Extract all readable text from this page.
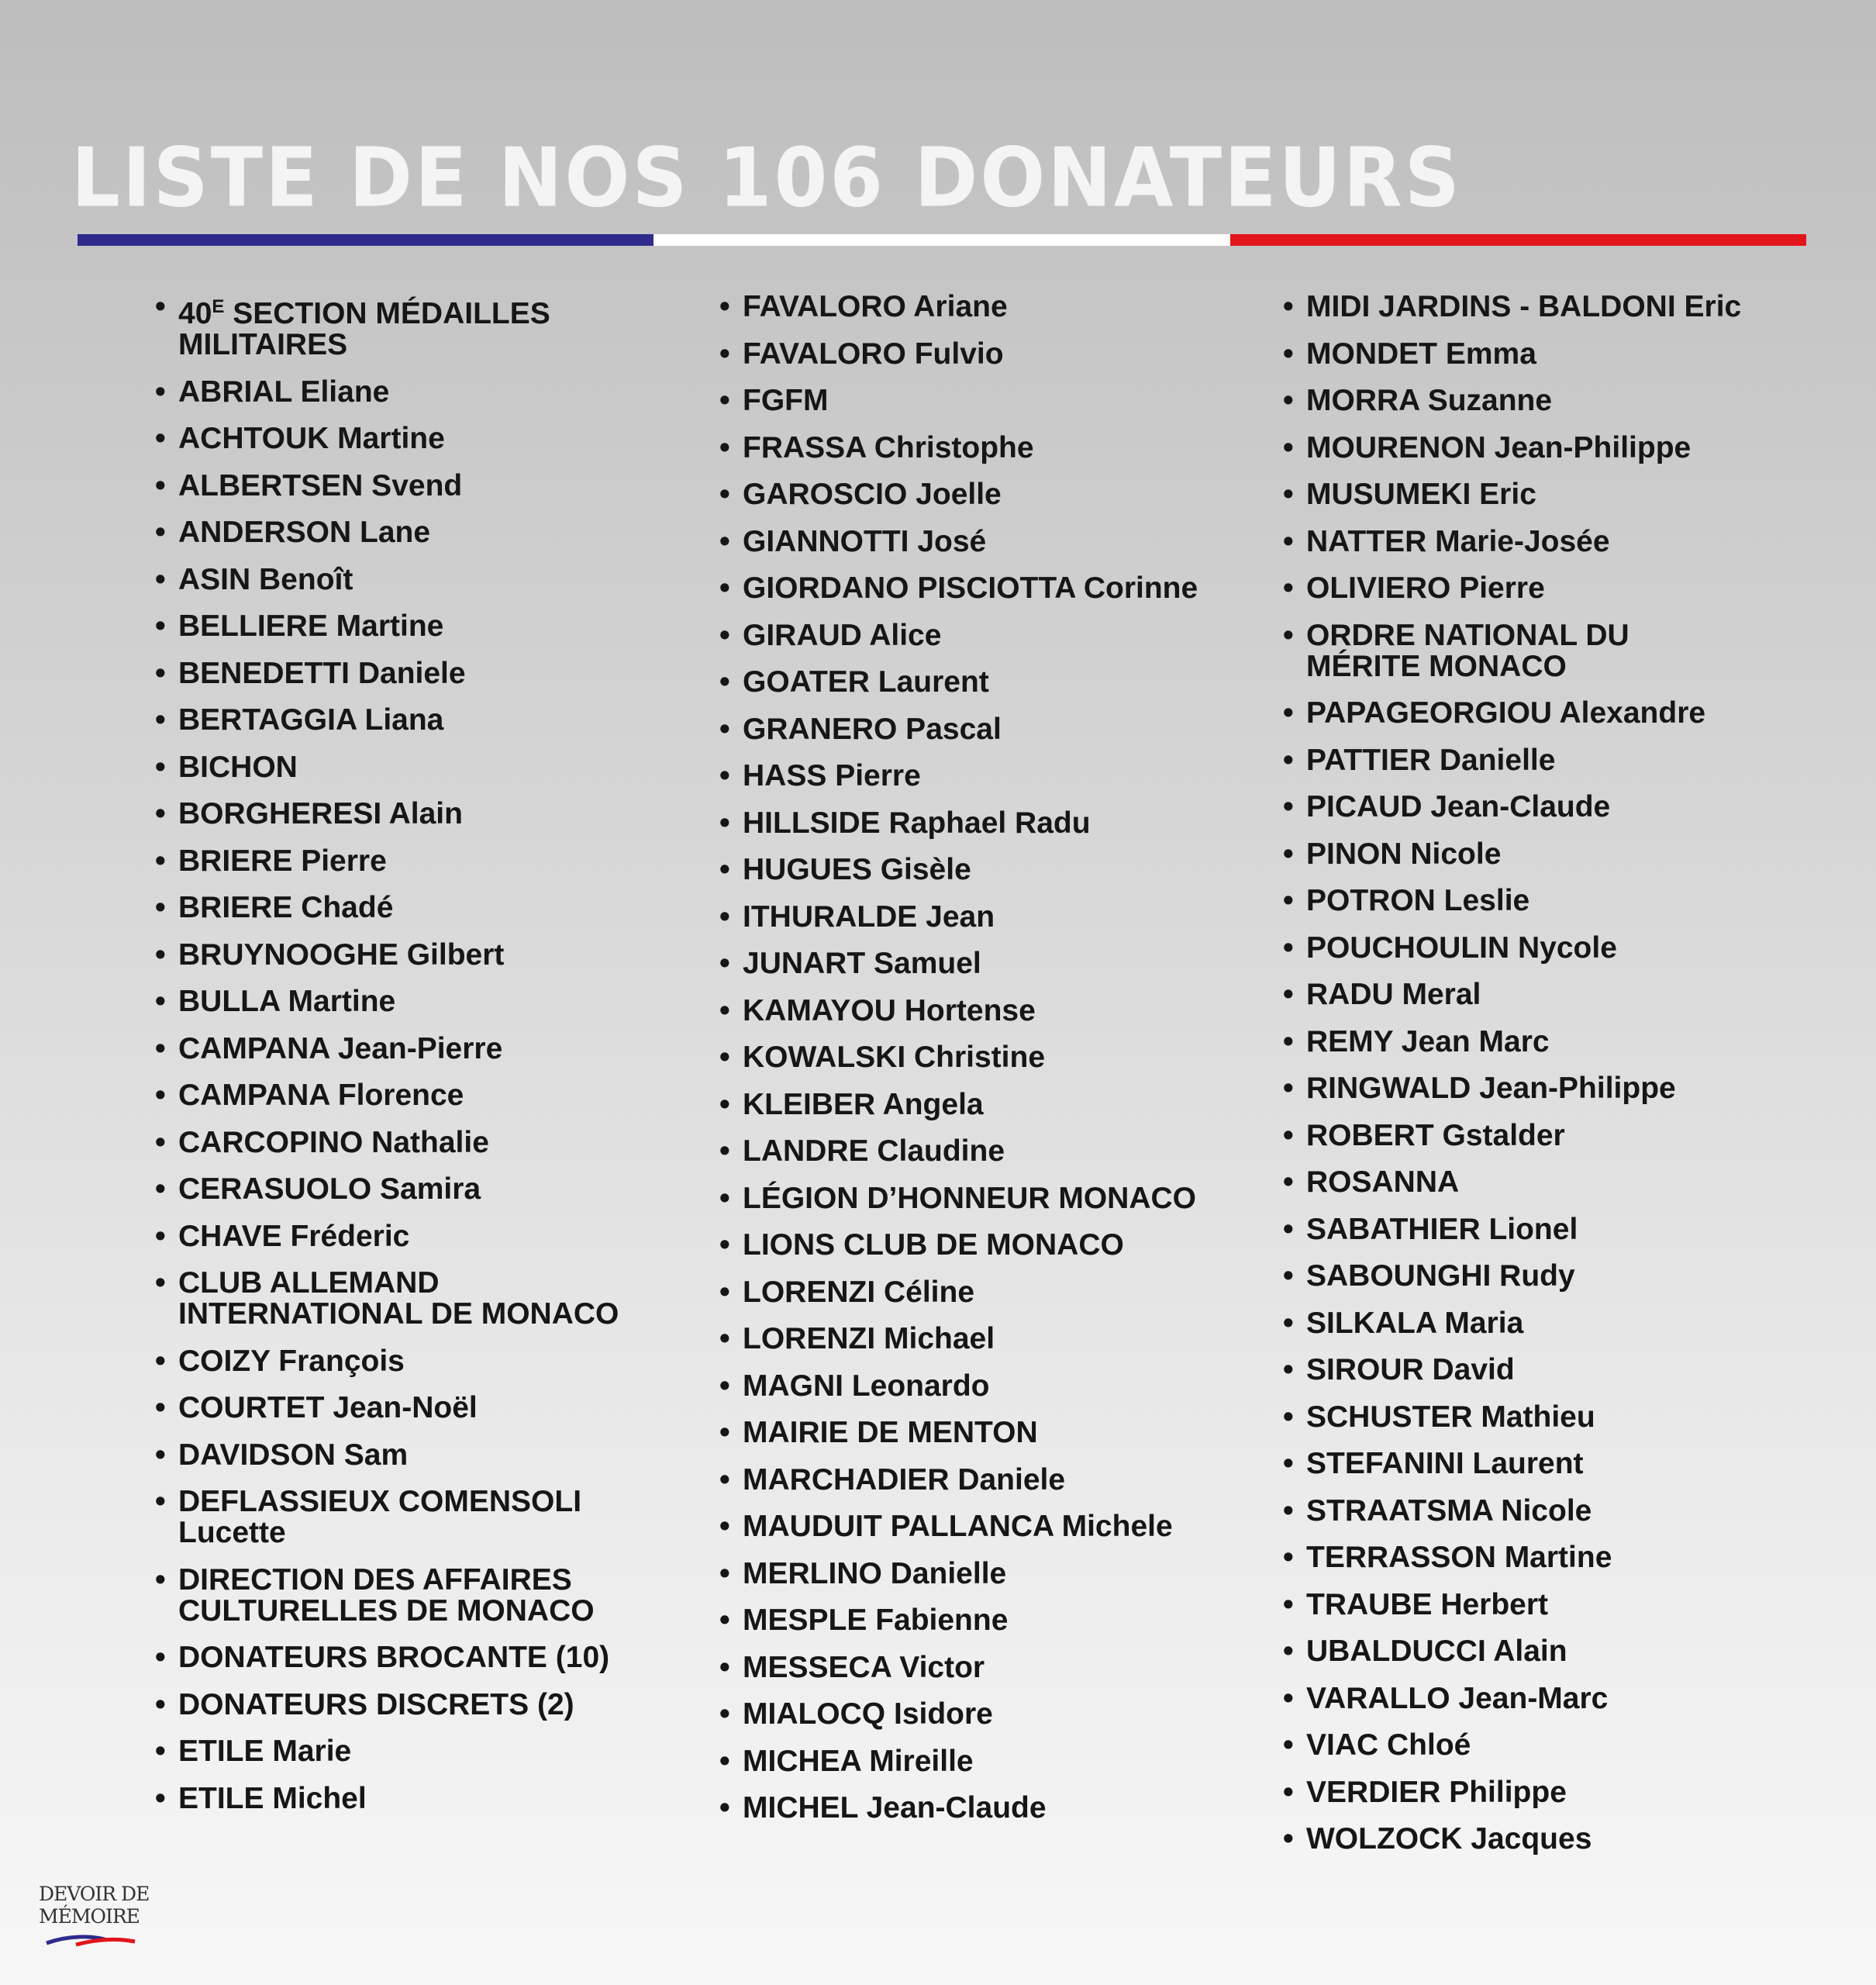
LISTE DE NOS 106 DONATEURS
• $40^E$ SECTION MÉDAILLES
MILITAIRES
• ABRIAL Eliane
• ACHTOUK Martine
• ALBERTSEN Svend
• ANDERSON Lane
• ASIN Benoît
• BELLIERE Martine
• BENEDETTI Daniele
• BERTAGGIA Liana
• BICHON
• BORGHERESI Alain
• BRIERE Pierre
• BRIERE Chadé
• BRUYNOOGHE Gilbert
• BULLA Martine
• CAMPANA Jean-Pierre
• CAMPANA Florence
• CARCOPINO Nathalie
• CERASUOLO Samira
• CHAVE Fréderic
• CLUB ALLEMAND
INTERNATIONAL DE MONACO
• COIZY François
• COURTET Jean-Noël
• DAVIDSON Sam
• DEFLASSIEUX COMENSOLI
Lucette
• DIRECTION DES AFFAIRES
CULTURELLES DE MONACO
• DONATEURS BROCANTE (10)
• DONATEURS DISCRETS (2)
• ETILE Marie
• ETILE Michel
• FAVALORO Ariane
• FAVALORO Fulvio
• FGFM
• FRASSA Christophe
• GAROSCIO Joelle
• GIANNOTTI José
• GIORDANO PISCIOTTA Corinne
• GIRAUD Alice
• GOATER Laurent
• GRANERO Pascal
• HASS Pierre
• HILLSIDE Raphael Radu
• HUGUES Gisèle
• ITHURALDE Jean
• JUNART Samuel
• KAMAYOU Hortense
• KOWALSKI Christine
• KLEIBER Angela
• LANDRE Claudine
• LÉGION D’HONNEUR MONACO
• LIONS CLUB DE MONACO
• LORENZI Céline
• LORENZI Michael
• MAGNI Leonardo
• MAIRIE DE MENTON
• MARCHADIER Daniele
• MAUDUIT PALLANCA Michele
• MERLINO Danielle
• MESPLE Fabienne
• MESSECA Victor
• MIALOCQ Isidore
• MICHEA Mireille
• MICHEL Jean-Claude
• MIDI JARDINS - BALDONI Eric
• MONDET Emma
• MORRA Suzanne
• MOURENON Jean-Philippe
• MUSUMEKI Eric
• NATTER Marie-Josée
• OLIVIERO Pierre
• ORDRE NATIONAL DU
MÉRITE MONACO
• PAPAGEORGIOU Alexandre
• PATTIER Danielle
• PICAUD Jean-Claude
• PINON Nicole
• POTRON Leslie
• POUCHOULIN Nycole
• RADU Meral
• REMY Jean Marc
• RINGWALD Jean-Philippe
• ROBERT Gstalder
• ROSANNA
• SABATHIER Lionel
• SABOUNGHI Rudy
• SILKALA Maria
• SIROUR David
• SCHUSTER Mathieu
• STEFANINI Laurent
• STRAATSMA Nicole
• TERRASSON Martine
• TRAUBE Herbert
• UBALDUCCI Alain
• VARALLO Jean-Marc
• VIAC Chloé
• VERDIER Philippe
• WOLZOCK Jacques
DEVOIR DE
MÉMOIRE
